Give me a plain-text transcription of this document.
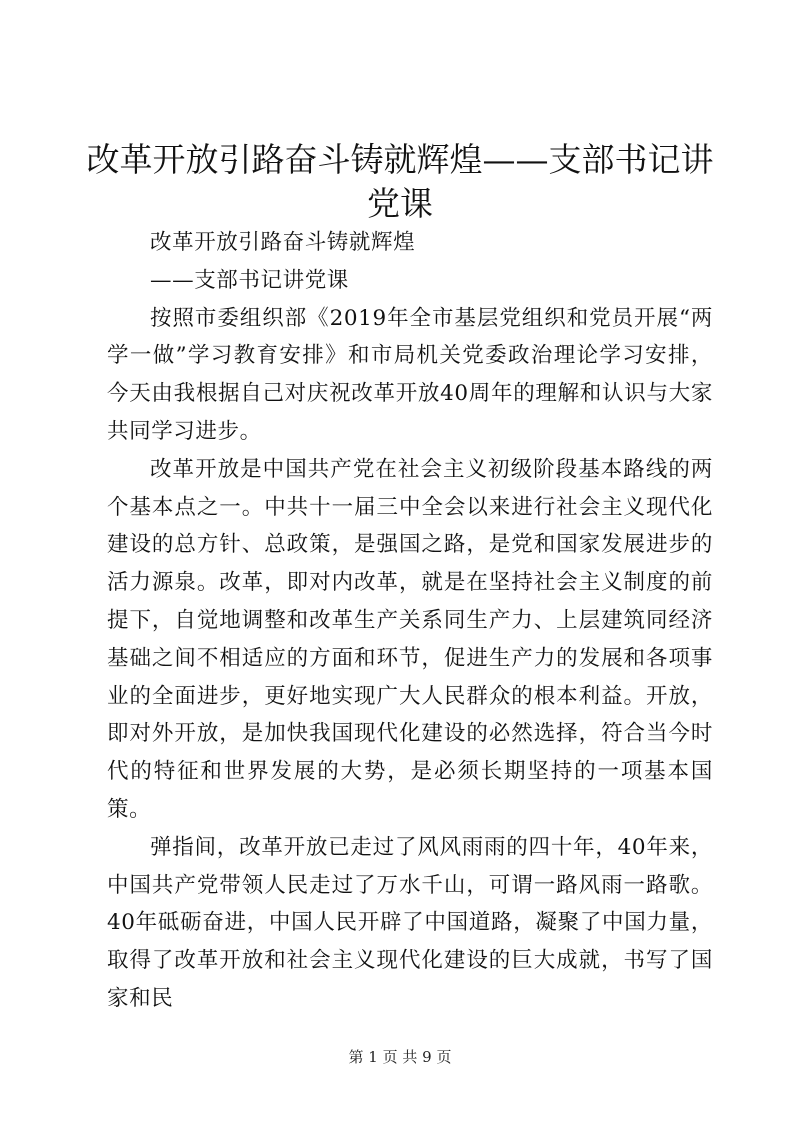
改革开放引路奋斗铸就辉煌——支部书记讲党课

改革开放引路奋斗铸就辉煌

——支部书记讲党课

按照市委组织部《2019年全市基层党组织和党员开展“两学一做”学习教育安排》和市局机关党委政治理论学习安排，今天由我根据自己对庆祝改革开放40周年的理解和认识与大家共同学习进步。

改革开放是中国共产党在社会主义初级阶段基本路线的两个基本点之一。中共十一届三中全会以来进行社会主义现代化建设的总方针、总政策，是强国之路，是党和国家发展进步的活力源泉。改革，即对内改革，就是在坚持社会主义制度的前提下，自觉地调整和改革生产关系同生产力、上层建筑同经济基础之间不相适应的方面和环节，促进生产力的发展和各项事业的全面进步，更好地实现广大人民群众的根本利益。开放，即对外开放，是加快我国现代化建设的必然选择，符合当今时代的特征和世界发展的大势，是必须长期坚持的一项基本国策。

弹指间，改革开放已走过了风风雨雨的四十年，40年来，中国共产党带领人民走过了万水千山，可谓一路风雨一路歌。40年砥砺奋进，中国人民开辟了中国道路，凝聚了中国力量，取得了改革开放和社会主义现代化建设的巨大成就，书写了国家和民

第 1 页 共 9 页
